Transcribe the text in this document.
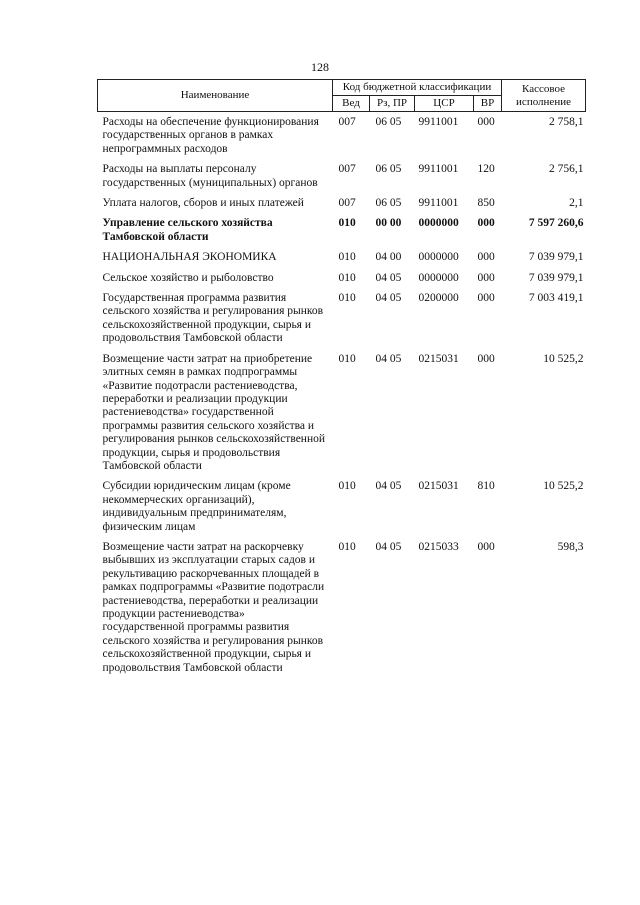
128
Наименование	Код бюджетной классификации				Кассовое исполнение
	Вед	Рз, ПР	ЦСР	ВР	
Расходы на обеспечение функционирования государственных органов в рамках непрограммных расходов	007	06 05	9911001	000	2 758,1
Расходы на выплаты персоналу государственных (муниципальных) органов	007	06 05	9911001	120	2 756,1
Уплата налогов, сборов и иных платежей	007	06 05	9911001	850	2,1
Управление сельского хозяйства Тамбовской области	010	00 00	0000000	000	7 597 260,6
НАЦИОНАЛЬНАЯ ЭКОНОМИКА	010	04 00	0000000	000	7 039 979,1
Сельское хозяйство и рыболовство	010	04 05	0000000	000	7 039 979,1
Государственная программа развития сельского хозяйства и регулирования рынков сельскохозяйственной продукции, сырья и продовольствия Тамбовской области	010	04 05	0200000	000	7 003 419,1
Возмещение части затрат на приобретение элитных семян в рамках подпрограммы «Развитие подотрасли растениеводства, переработки и реализации продукции растениеводства» государственной программы развития сельского хозяйства и регулирования рынков сельскохозяйственной продукции, сырья и продовольствия Тамбовской области	010	04 05	0215031	000	10 525,2
Субсидии юридическим лицам (кроме некоммерческих организаций), индивидуальным предпринимателям, физическим лицам	010	04 05	0215031	810	10 525,2
Возмещение части затрат на раскорчевку выбывших из эксплуатации старых садов и рекультивацию раскорчеванных площадей в рамках подпрограммы «Развитие подотрасли растениеводства, переработки и реализации продукции растениеводства» государственной программы развития сельского хозяйства и регулирования рынков сельскохозяйственной продукции, сырья и продовольствия Тамбовской области	010	04 05	0215033	000	598,3
